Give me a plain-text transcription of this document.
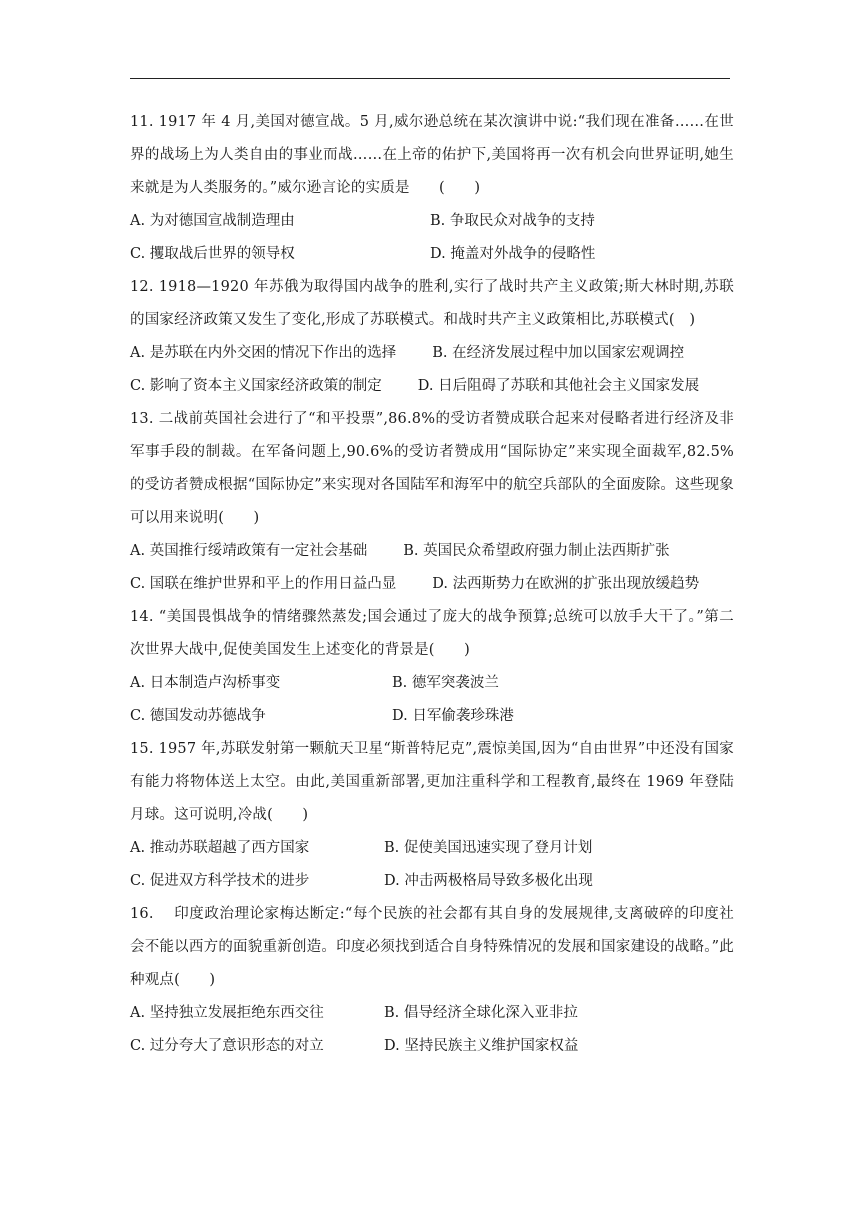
11. 1917 年 4 月,美国对德宣战。5 月,威尔逊总统在某次演讲中说:“我们现在准备……在世界的战场上为人类自由的事业而战……在上帝的佑护下,美国将再一次有机会向世界证明,她生来就是为人类服务的。”威尔逊言论的实质是　　(　　)

A. 为对德国宣战制造理由	B. 争取民众对战争的支持
C. 攫取战后世界的领导权	D. 掩盖对外战争的侵略性

12. 1918—1920 年苏俄为取得国内战争的胜利,实行了战时共产主义政策;斯大林时期,苏联的国家经济政策又发生了变化,形成了苏联模式。和战时共产主义政策相比,苏联模式(　)

A. 是苏联在内外交困的情况下作出的选择	B. 在经济发展过程中加以国家宏观调控
C. 影响了资本主义国家经济政策的制定	D. 日后阻碍了苏联和其他社会主义国家发展

13. 二战前英国社会进行了“和平投票”,86.8%的受访者赞成联合起来对侵略者进行经济及非军事手段的制裁。在军备问题上,90.6%的受访者赞成用“国际协定”来实现全面裁军,82.5%的受访者赞成根据“国际协定”来实现对各国陆军和海军中的航空兵部队的全面废除。这些现象可以用来说明(　　)

A. 英国推行绥靖政策有一定社会基础	B. 英国民众希望政府强力制止法西斯扩张
C. 国联在维护世界和平上的作用日益凸显	D. 法西斯势力在欧洲的扩张出现放缓趋势

14. “美国畏惧战争的情绪骤然蒸发;国会通过了庞大的战争预算;总统可以放手大干了。”第二次世界大战中,促使美国发生上述变化的背景是(　　)

A. 日本制造卢沟桥事变	B. 德军突袭波兰
C. 德国发动苏德战争	D. 日军偷袭珍珠港

15. 1957 年,苏联发射第一颗航天卫星“斯普特尼克”,震惊美国,因为“自由世界”中还没有国家有能力将物体送上太空。由此,美国重新部署,更加注重科学和工程教育,最终在 1969 年登陆月球。这可说明,冷战(　　)

A. 推动苏联超越了西方国家	B. 促使美国迅速实现了登月计划
C. 促进双方科学技术的进步	D. 冲击两极格局导致多极化出现

16.　 印度政治理论家梅达断定:“每个民族的社会都有其自身的发展规律,支离破碎的印度社会不能以西方的面貌重新创造。印度必须找到适合自身特殊情况的发展和国家建设的战略。”此种观点(　　)

A. 坚持独立发展拒绝东西交往	B. 倡导经济全球化深入亚非拉
C. 过分夸大了意识形态的对立	D. 坚持民族主义维护国家权益
